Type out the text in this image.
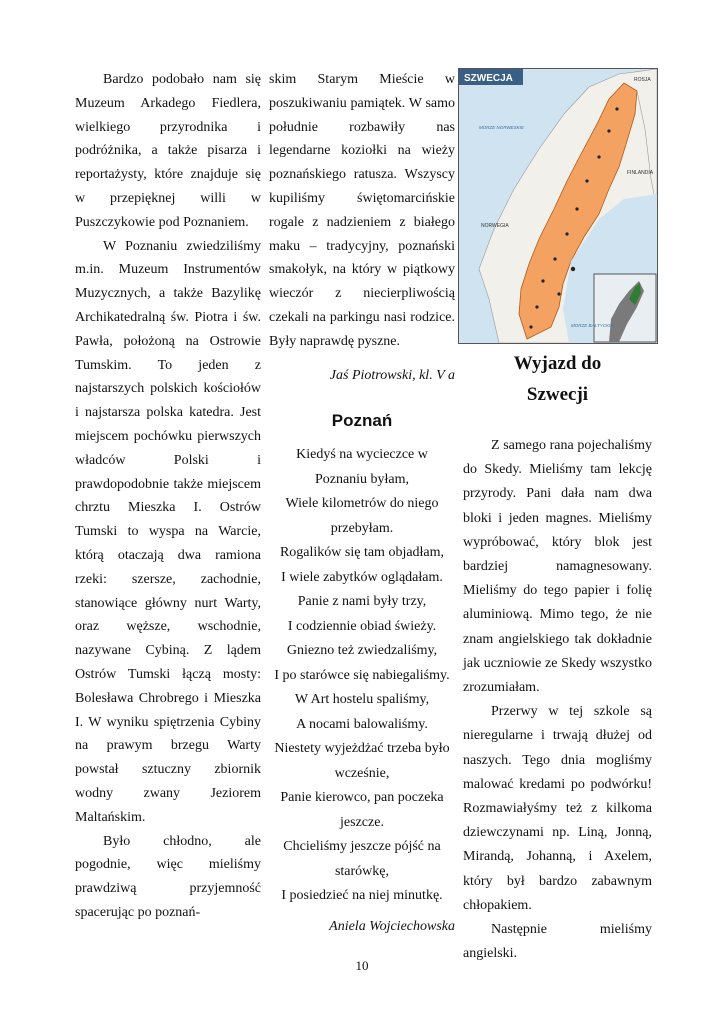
Bardzo podobało nam się Muzeum Arkadego Fiedlera, wielkiego przyrodnika i podróżnika, a także pisarza i reportażysty, które znajduje się w przepięknej willi w Puszczykowie pod Poznaniem.

W Poznaniu zwiedziliśmy m.in. Muzeum Instrumentów Muzycznych, a także Bazylikę Archikatedralną św. Piotra i św. Pawła, położoną na Ostrowie Tumskim. To jeden z najstarszych polskich kościołów i najstarsza polska katedra. Jest miejscem pochówku pierwszych władców Polski i prawdopodobnie także miejscem chrztu Mieszka I. Ostrów Tumski to wyspa na Warcie, którą otaczają dwa ramiona rzeki: szersze, zachodnie, stanowiące główny nurt Warty, oraz węższe, wschodnie, nazywane Cybiną. Z lądem Ostrów Tumski łączą mosty: Bolesława Chrobrego i Mieszka I. W wyniku spiętrzenia Cybiny na prawym brzegu Warty powstał sztuczny zbiornik wodny zwany Jeziorem Maltańskim.

Było chłodno, ale pogodnie, więc mieliśmy prawdziwą przyjemność spacerując po poznań-

skim Starym Mieście w poszukiwaniu pamiątek. W samo południe rozbawiły nas legendarne koziołki na wieży poznańskiego ratusza. Wszyscy kupiliśmy świętomarcińskie rogale z nadzieniem z białego maku – tradycyjny, poznański smakołyk, na który w piątkowy wieczór z niecierpliwością czekali na parkingu nasi rodzice. Były naprawdę pyszne.

Jaś Piotrowski, kl. V a

Poznań

Kiedyś na wycieczce w Poznaniu byłam,

Wiele kilometrów do niego przebyłam.

Rogalików się tam objadłam,

I wiele zabytków oglądałam.

Panie z nami były trzy,

I codziennie obiad świeży.

Gniezno też zwiedzaliśmy,

I po starówce się nabiegaliśmy.

W Art hostelu spaliśmy,

A nocami balowaliśmy.

Niestety wyjeżdżać trzeba było wcześnie,

Panie kierowco, pan poczeka jeszcze.

Chcieliśmy jeszcze pójść na starówkę,

I posiedzieć na niej minutkę.

Aniela Wojciechowska

SZWECJA	ROSJA
FINLANDIA
NORWEGIA
MORZE NORWESKIE
MORZE BAŁTYCKIE
Wyjazd do
Szwecji

Z samego rana pojechaliśmy do Skedy. Mieliśmy tam lekcję przyrody. Pani dała nam dwa bloki i jeden magnes. Mieliśmy wypróbować, który blok jest bardziej namagnesowany. Mieliśmy do tego papier i folię aluminiową. Mimo tego, że nie znam angielskiego tak dokładnie jak uczniowie ze Skedy wszystko zrozumiałam.

Przerwy w tej szkole są nieregularne i trwają dłużej od naszych. Tego dnia mogliśmy malować kredami po podwórku! Rozmawiałyśmy też z kilkoma dziewczynami np. Liną, Jonną, Mirandą, Johanną, i Axelem, który był bardzo zabawnym chłopakiem.

Następnie mieliśmy angielski.

10
